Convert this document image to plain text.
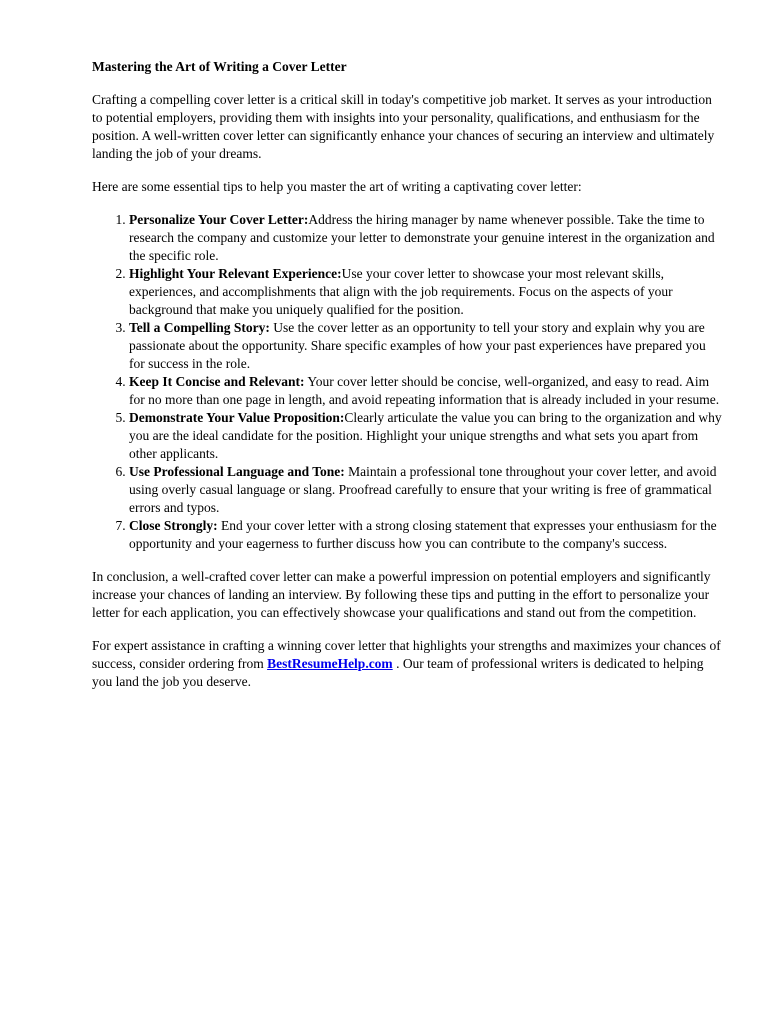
Mastering the Art of Writing a Cover Letter

Crafting a compelling cover letter is a critical skill in today's competitive job market. It serves as your introduction to potential employers, providing them with insights into your personality, qualifications, and enthusiasm for the position. A well-written cover letter can significantly enhance your chances of securing an interview and ultimately landing the job of your dreams.

Here are some essential tips to help you master the art of writing a captivating cover letter:

1. Personalize Your Cover Letter:Address the hiring manager by name whenever possible. Take the time to research the company and customize your letter to demonstrate your genuine interest in the organization and the specific role.
2. Highlight Your Relevant Experience:Use your cover letter to showcase your most relevant skills, experiences, and accomplishments that align with the job requirements. Focus on the aspects of your background that make you uniquely qualified for the position.
3. Tell a Compelling Story: Use the cover letter as an opportunity to tell your story and explain why you are passionate about the opportunity. Share specific examples of how your past experiences have prepared you for success in the role.
4. Keep It Concise and Relevant: Your cover letter should be concise, well-organized, and easy to read. Aim for no more than one page in length, and avoid repeating information that is already included in your resume.
5. Demonstrate Your Value Proposition:Clearly articulate the value you can bring to the organization and why you are the ideal candidate for the position. Highlight your unique strengths and what sets you apart from other applicants.
6. Use Professional Language and Tone: Maintain a professional tone throughout your cover letter, and avoid using overly casual language or slang. Proofread carefully to ensure that your writing is free of grammatical errors and typos.
7. Close Strongly: End your cover letter with a strong closing statement that expresses your enthusiasm for the opportunity and your eagerness to further discuss how you can contribute to the company's success.

In conclusion, a well-crafted cover letter can make a powerful impression on potential employers and significantly increase your chances of landing an interview. By following these tips and putting in the effort to personalize your letter for each application, you can effectively showcase your qualifications and stand out from the competition.

For expert assistance in crafting a winning cover letter that highlights your strengths and maximizes your chances of success, consider ordering from BestResumeHelp.com . Our team of professional writers is dedicated to helping you land the job you deserve.
